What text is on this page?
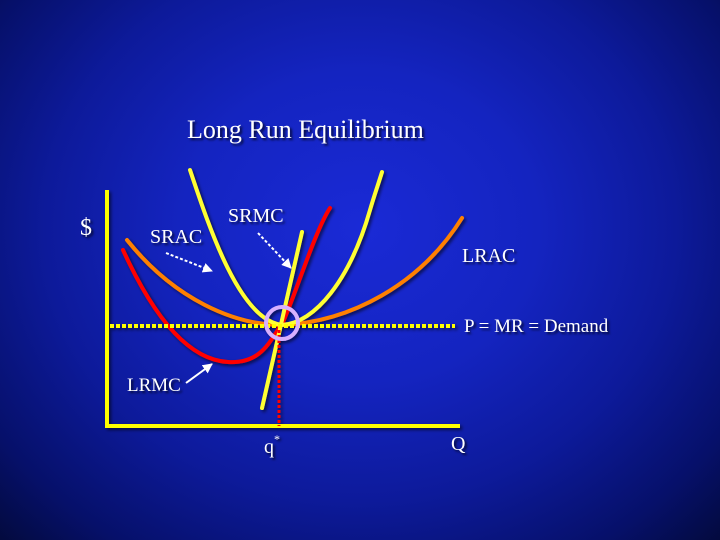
Long Run Equilibrium

$	SRAC

SRMC

LRAC

P = MR = Demand

LRMC

q*	Q
